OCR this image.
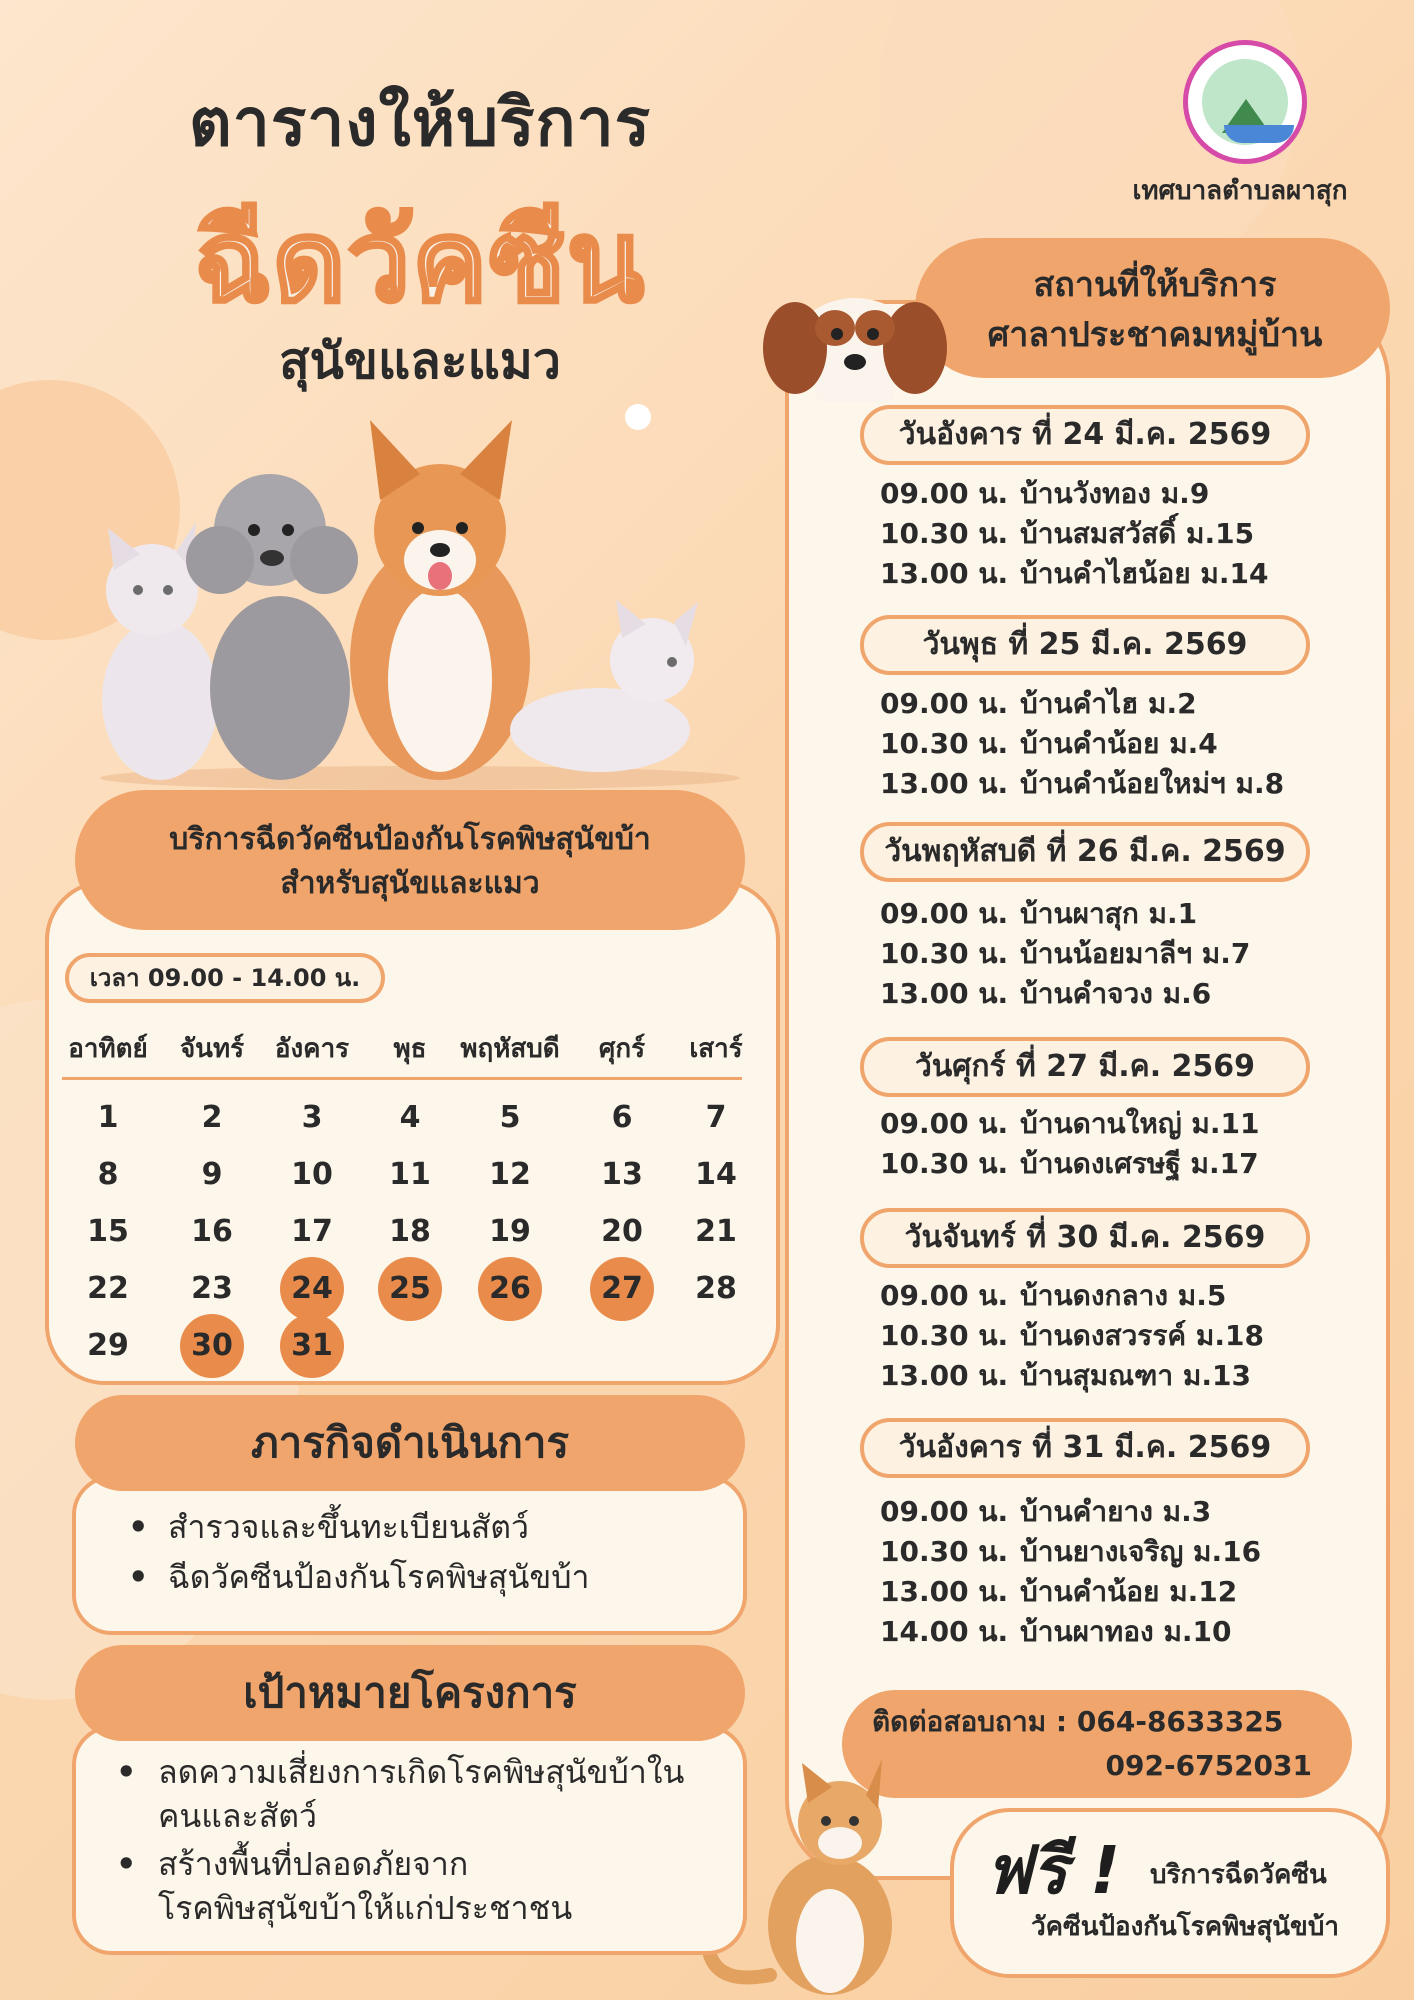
ตารางให้บริการ
ฉีดวัคซีน
สุนัขและแมว
เทศบาลตำบลผาสุก
สถานที่ให้บริการ
ศาลาประชาคมหมู่บ้าน
วันอังคาร ที่ 24 มี.ค. 2569
09.00 น. บ้านวังทอง ม.9
10.30 น. บ้านสมสวัสดิ์ ม.15
13.00 น. บ้านคำไฮน้อย ม.14
วันพุธ ที่ 25 มี.ค. 2569
09.00 น. บ้านคำไฮ ม.2
10.30 น. บ้านคำน้อย ม.4
13.00 น. บ้านคำน้อยใหม่ฯ ม.8
วันพฤหัสบดี ที่ 26 มี.ค. 2569
09.00 น. บ้านผาสุก ม.1
10.30 น. บ้านน้อยมาลีฯ ม.7
13.00 น. บ้านคำจวง ม.6
วันศุกร์ ที่ 27 มี.ค. 2569
09.00 น. บ้านดานใหญ่ ม.11
10.30 น. บ้านดงเศรษฐี ม.17
วันจันทร์ ที่ 30 มี.ค. 2569
09.00 น. บ้านดงกลาง ม.5
10.30 น. บ้านดงสวรรค์ ม.18
13.00 น. บ้านสุมณฑา ม.13
วันอังคาร ที่ 31 มี.ค. 2569
09.00 น. บ้านคำยาง ม.3
10.30 น. บ้านยางเจริญ ม.16
13.00 น. บ้านคำน้อย ม.12
14.00 น. บ้านผาทอง ม.10
ติดต่อสอบถาม : 064-8633325
092-6752031
ฟรี ! บริการฉีดวัคซีน
วัคซีนป้องกันโรคพิษสุนัขบ้า
บริการฉีดวัคซีนป้องกันโรคพิษสุนัขบ้า
สำหรับสุนัขและแมว
เวลา 09.00 - 14.00 น.
ภารกิจดำเนินการ
• สำรวจและขึ้นทะเบียนสัตว์
• ฉีดวัคซีนป้องกันโรคพิษสุนัขบ้า
เป้าหมายโครงการ
• ลดความเสี่ยงการเกิดโรคพิษสุนัขบ้าใน
คนและสัตว์
• สร้างพื้นที่ปลอดภัยจาก
โรคพิษสุนัขบ้าให้แก่ประชาชน
อาทิตย์	จันทร์	อังคาร	พุธ	พฤหัสบดี	ศุกร์	เสาร์
1	2	3	4	5	6	7
8	9	10	11	12	13	14
15	16	17	18	19	20	21
22	23	24	25	26	27	28
29	30	31
